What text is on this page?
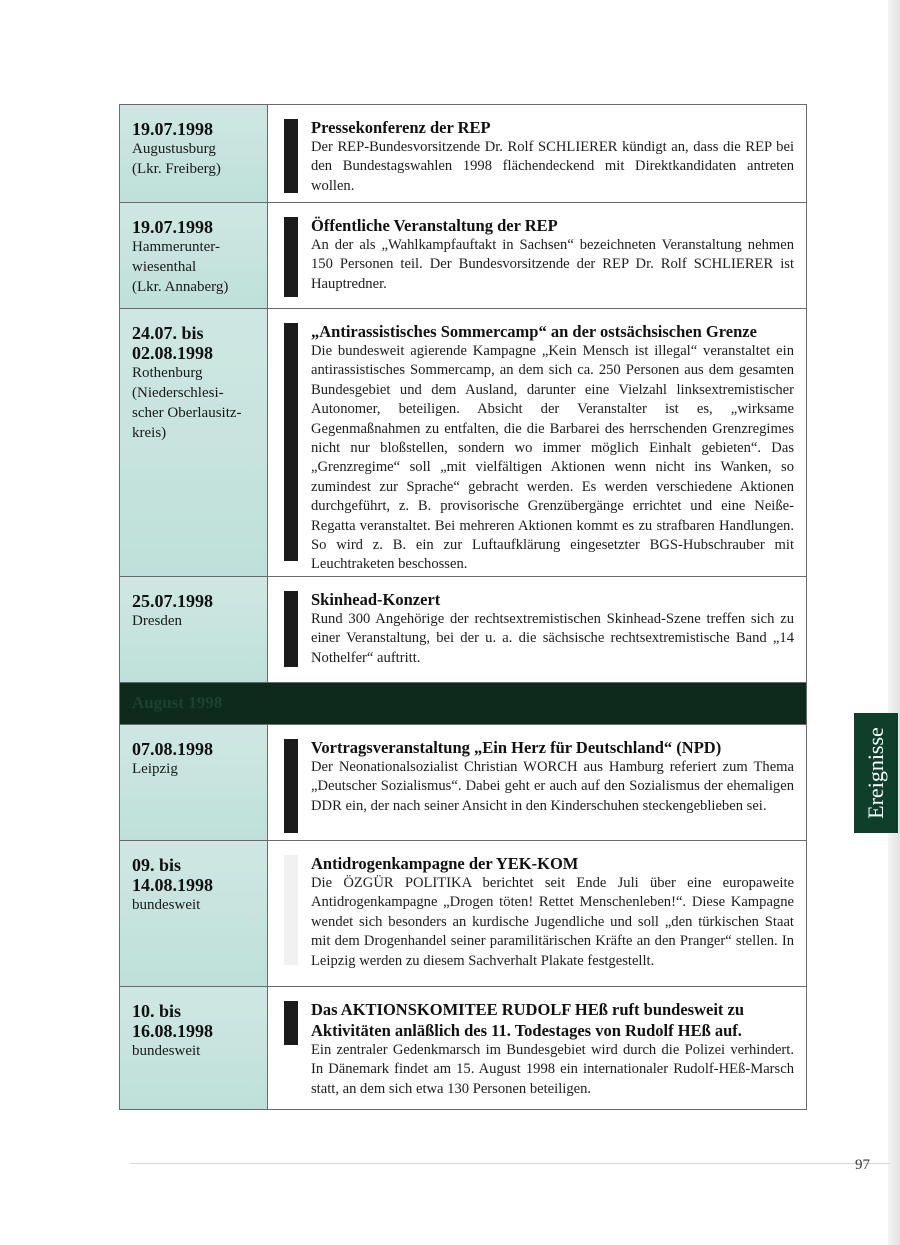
19.07.1998
Augustusburg
(Lkr. Freiberg)
Pressekonferenz der REP
Der REP-Bundesvorsitzende Dr. Rolf SCHLIERER kündigt an, dass die REP bei den Bundestagswahlen 1998 flächendeckend mit Direktkandidaten antreten wollen.
19.07.1998
Hammerunter-
wiesenthal
(Lkr. Annaberg)
Öffentliche Veranstaltung der REP
An der als „Wahlkampfauftakt in Sachsen“ bezeichneten Veranstaltung nehmen 150 Personen teil. Der Bundesvorsitzende der REP Dr. Rolf SCHLIERER ist Hauptredner.
24.07. bis
02.08.1998
Rothenburg
(Niederschlesi-
scher Oberlausitz-
kreis)
„Antirassistisches Sommercamp“ an der ostsächsischen Grenze
Die bundesweit agierende Kampagne „Kein Mensch ist illegal“ veranstaltet ein antirassistisches Sommercamp, an dem sich ca. 250 Personen aus dem gesamten Bundesgebiet und dem Ausland, darunter eine Vielzahl linksextremistischer Autonomer, beteiligen. Absicht der Veranstalter ist es, „wirksame Gegenmaßnahmen zu entfalten, die die Barbarei des herrschenden Grenzregimes nicht nur bloßstellen, sondern wo immer möglich Einhalt gebieten“. Das „Grenzregime“ soll „mit vielfältigen Aktionen wenn nicht ins Wanken, so zumindest zur Sprache“ gebracht werden. Es werden verschiedene Aktionen durchgeführt, z. B. provisorische Grenzübergänge errichtet und eine Neiße-Regatta veranstaltet. Bei mehreren Aktionen kommt es zu strafbaren Handlungen. So wird z. B. ein zur Luftaufklärung eingesetzter BGS-Hubschrauber mit Leuchtraketen beschossen.
25.07.1998
Dresden
Skinhead-Konzert
Rund 300 Angehörige der rechtsextremistischen Skinhead-Szene treffen sich zu einer Veranstaltung, bei der u. a. die sächsische rechtsextremistische Band „14 Nothelfer“ auftritt.
August 1998
07.08.1998
Leipzig
Vortragsveranstaltung „Ein Herz für Deutschland“ (NPD)
Der Neonationalsozialist Christian WORCH aus Hamburg referiert zum Thema „Deutscher Sozialismus“. Dabei geht er auch auf den Sozialismus der ehemaligen DDR ein, der nach seiner Ansicht in den Kinderschuhen steckengeblieben sei.
09. bis
14.08.1998
bundesweit
Antidrogenkampagne der YEK-KOM
Die ÖZGÜR POLITIKA berichtet seit Ende Juli über eine europaweite Antidrogenkampagne „Drogen töten! Rettet Menschenleben!“. Diese Kampagne wendet sich besonders an kurdische Jugendliche und soll „den türkischen Staat mit dem Drogenhandel seiner paramilitärischen Kräfte an den Pranger“ stellen. In Leipzig werden zu diesem Sachverhalt Plakate festgestellt.
10. bis
16.08.1998
bundesweit
Das AKTIONSKOMITEE RUDOLF HEß ruft bundesweit zu Aktivitäten anläßlich des 11. Todestages von Rudolf HEß auf.
Ein zentraler Gedenkmarsch im Bundesgebiet wird durch die Polizei verhindert. In Dänemark findet am 15. August 1998 ein internationaler Rudolf-HEß-Marsch statt, an dem sich etwa 130 Personen beteiligen.
Ereignisse
97
